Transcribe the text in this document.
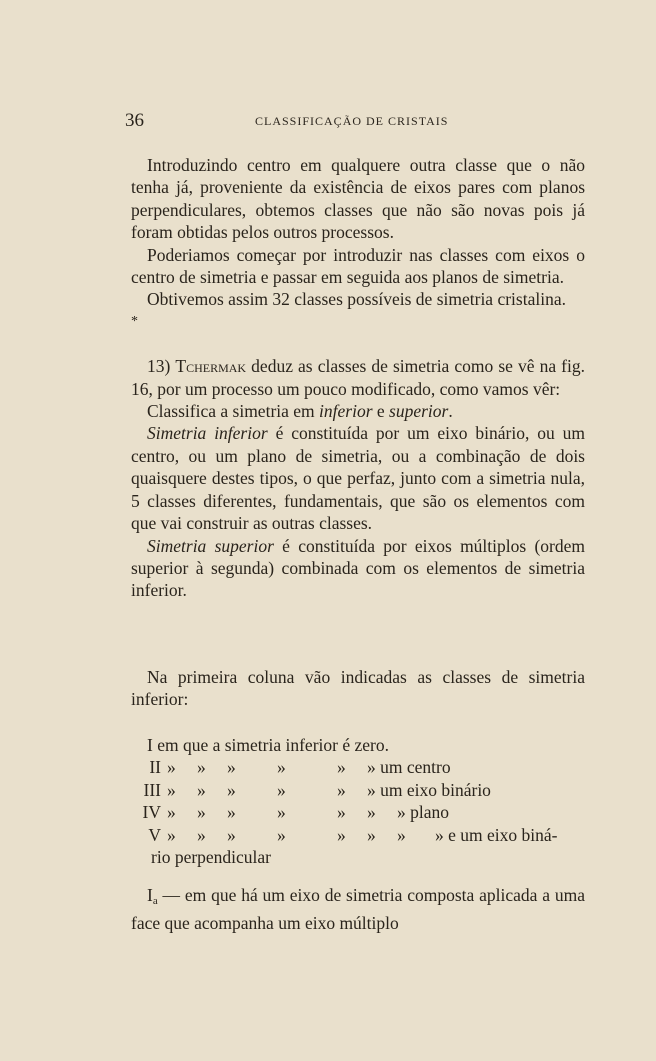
36	CLASSIFICAÇÃO DE CRISTAIS

Introduzindo centro em qualquere outra classe que o não tenha já, proveniente da existência de eixos pares com planos perpendiculares, obtemos classes que não são novas pois já foram obtidas pelos outros processos.

Poderiamos começar por introduzir nas classes com eixos o centro de simetria e passar em seguida aos planos de simetria.

Obtivemos assim 32 classes possíveis de simetria cristalina.

*

13) Tchermak deduz as classes de simetria como se vê na fig. 16, por um processo um pouco modificado, como vamos vêr:

Classifica a simetria em inferior e superior.

Simetria inferior é constituída por um eixo binário, ou um centro, ou um plano de simetria, ou a combinação de dois quaisquere destes tipos, o que perfaz, junto com a simetria nula, 5 classes diferentes, fundamentais, que são os elementos com que vai construir as outras classes.

Simetria superior é constituída por eixos múltiplos (ordem superior à segunda) combinada com os elementos de simetria inferior.

Na primeira coluna vão indicadas as classes de simetria inferior:

I em que a simetria inferior é zero.

II	»	»	»	»	»	» um centro		
III	»	»	»	»	»	» um eixo binário		
IV	»	»	»	»	»	»	» plano	
V	»	»	»	»	»	»	»	» e um eixo biná-

rio perpendicular

$I_a$ — em que há um eixo de simetria composta aplicada a uma face que acompanha um eixo múltiplo
